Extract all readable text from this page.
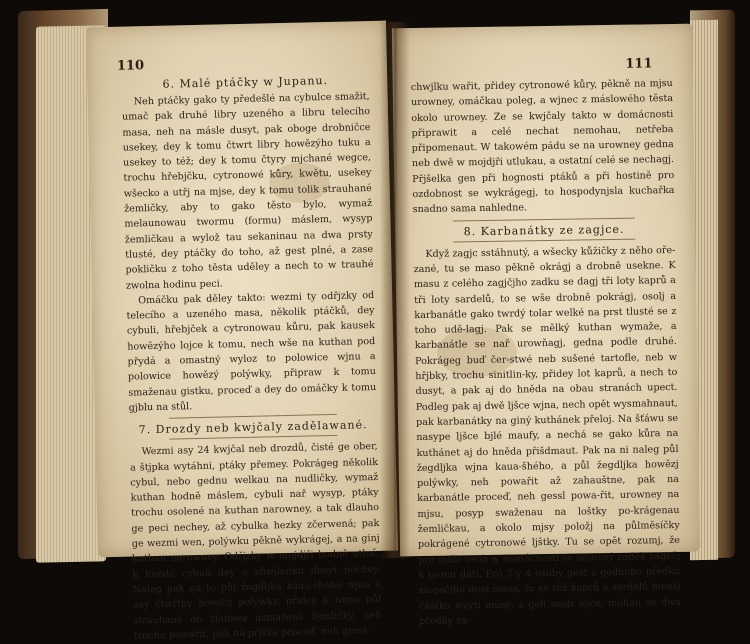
110
6. Malé ptáčky w Jupanu.

Neh ptáčky gako ty předešlé na cybulce smažit, umač pak druhé libry uzeného a libru telecího masa, neh na másle dusyt, pak oboge drobničce usekey, dey k tomu čtwrt libry howězýho tuku a usekey to též; dey k tomu čtyry mjchané wegce, trochu hřebjčku, cytronowé kůry, kwětu, usekey wšecko a utřj na mjse, dey k tomu tolik strauhané žemličky, aby to gako těsto bylo, wymaž melaunowau twormu (formu) máslem, wysyp žemličkau a wylož tau sekaninau na dwa prsty tlusté, dey ptáčky do toho, až gest plné, a zase pokličku z toho těsta uděley a nech to w trauhé zwolna hodinu peci.

Omáčku pak děley takto: wezmi ty odřjzky od telecího a uzeného masa, několik ptáčků, dey cybuli, hřebjček a cytronowau kůru, pak kausek howězýho lojce k tomu, nech wše na kuthan pod přydá a omastný wyloz to polowice wjnu a polowice howězý polýwky, připraw k tomu smaženau gistku, proceď a dey do omáčky k tomu gjblu na stůl.

7. Drozdy neb kwjčaly zadělawané.

Wezmi asy 24 kwjčal neb drozdů, čisté ge ober, a štjpka wytáhni, ptáky přemey. Pokrágeg několik cybul, nebo gednu welkau na nudličky, wymaž kuthan hodně máslem, cybuli nař wysyp, ptáky trochu osolené na kuthan narowney, a tak dlauho ge peci nechey, až cybulka hezky zčerwená; pak ge wezmi wen, polýwku pěkně wykrágej, a na ginj kuthan narowney. Odřjzky w mojdjři hodně utluč, k hnědé cybuli dey a zhwjlenku dusyt nechey. Naleg pak na to půl žegdljka kaua-šhého wjna a asy čtwrtky howězj polýwky, přidey k tomu půl strauhané do zlatowa usmažené žemličky, neh trochu powařit, pak na přjška proceď, neh gessl-

111

chwjlku wařit, přidey cytronowé kůry, pěkně na mjsu urowney, omáčkau poleg, a wjnec z máslowého těsta okolo urowney. Ze se kwjčaly takto w domácnosti připrawit a celé nechat nemohau, netřeba připomenaut. W takowém pádu se na urowney gedna neb dwě w mojdjři utlukau, a ostatní celé se nechagj. Přjšelka gen při hognosti ptáků a při hostině pro ozdobnost se wykrágegj, to hospodynjsla kuchařka snadno sama nahledne.

8. Karbanátky ze zagjce.

Když zagjc sstáhnutý, a wšecky kůžičky z něho oře-zané, tu se maso pěkně okrágj a drobně usekne. K masu z celého zagjčjho zadku se dagj tři loty kaprů a tři loty sardelů, to se wše drobně pokrágj, osolj a karbanátle gako twrdý tolar welké na prst tlusté se z toho udě-lagj. Pak se mělký kuthan wymaže, a karbanátle se nař urowňagj, gedna podle druhé. Pokrágeg buď čer-stwé neb sušené tartofle, neb w hřjbky, trochu sinitlin-ky, přidey lot kaprů, a nech to dusyt, a pak aj do hněda na obau stranách upect. Podleg pak aj dwě ljšce wjna, nech opět wysmahnaut, pak karbanátky na giný kuthánek přeloj. Na šťáwu se nasype ljšce bjlé maufy, a nechá se gako kůra na kuthánet aj do hněda přišdmaut. Pak na ni naleg půl žegdljka wjna kaua-šhého, a půl žegdljka howězj polýwky, neh powařit až zahauštne, pak na karbanátle proceď, neh gessl powa-řit, urowney na mjsu, posyp swaženau na loštky po-krágenau žemličkau, a okolo mjsy položj na půlměsíčky pokrágené cytronowé ljštky. Tu se opět rozumj, že pro málo osob w domácnosti se nemusý zadek zagečj k to-mu dáti. Pro 3 y 4 osoby gest z gednoho předku za-gečjho dost masa, tu se též kaprů a sardelů menšj čáštka wzýti musý; z geli osob wjce, mohau se dwa předky za-
